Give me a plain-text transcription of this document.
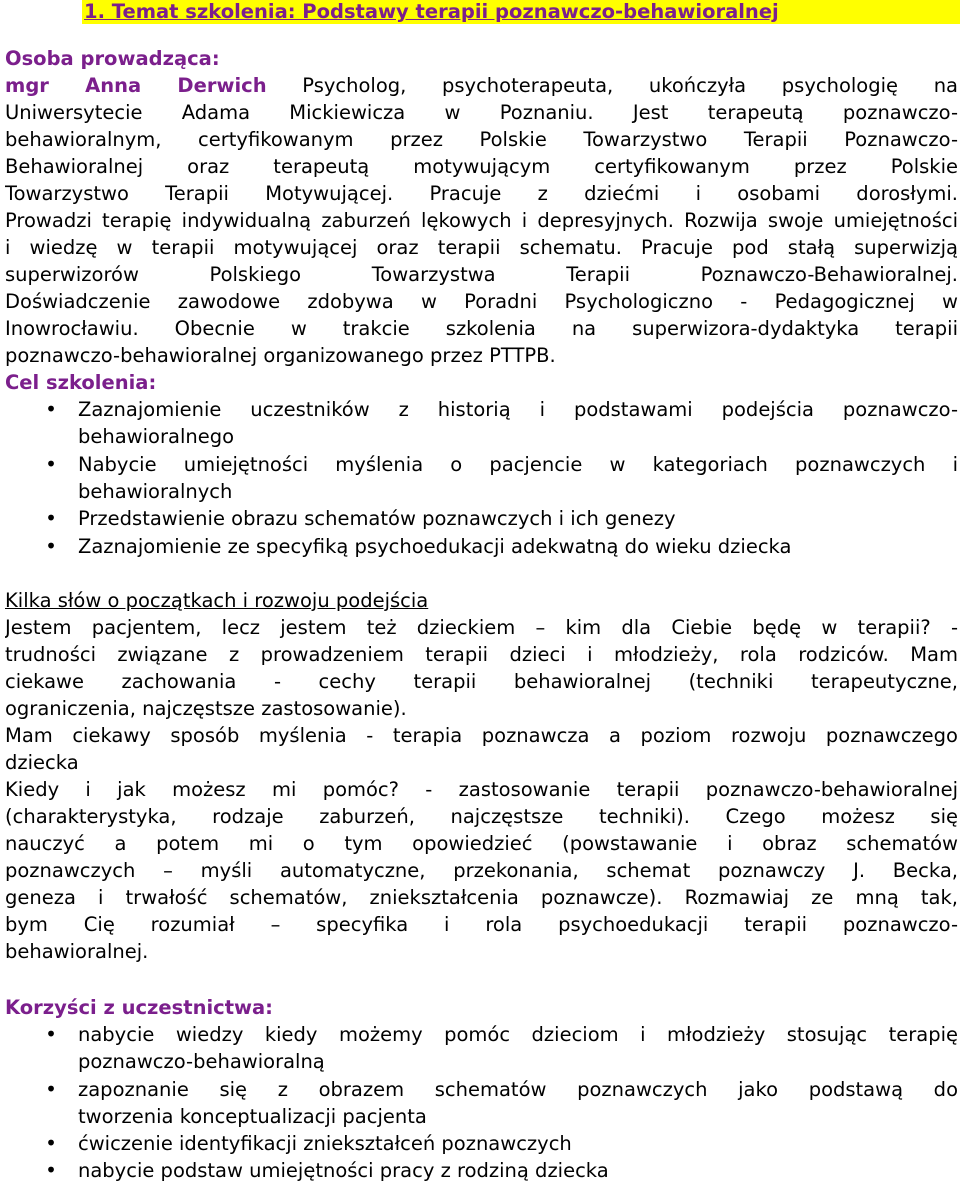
1. Temat szkolenia: Podstawy terapii poznawczo-behawioralnej
Osoba prowadząca:
mgr Anna Derwich Psycholog, psychoterapeuta, ukończyła psychologię na
Uniwersytecie Adama Mickiewicza w Poznaniu. Jest terapeutą poznawczo-
behawioralnym, certyfikowanym przez Polskie Towarzystwo Terapii Poznawczo-
Behawioralnej oraz terapeutą motywującym certyfikowanym przez Polskie
Towarzystwo Terapii Motywującej. Pracuje z dziećmi i osobami dorosłymi.
Prowadzi terapię indywidualną zaburzeń lękowych i depresyjnych. Rozwija swoje umiejętności
i wiedzę w terapii motywującej oraz terapii schematu. Pracuje pod stałą superwizją
superwizorów Polskiego Towarzystwa Terapii Poznawczo-Behawioralnej.
Doświadczenie zawodowe zdobywa w Poradni Psychologiczno - Pedagogicznej w
Inowrocławiu. Obecnie w trakcie szkolenia na superwizora-dydaktyka terapii
poznawczo-behawioralnej organizowanego przez PTTPB.
Cel szkolenia:
• Zaznajomienie uczestników z historią i podstawami podejścia poznawczo-
behawioralnego
• Nabycie umiejętności myślenia o pacjencie w kategoriach poznawczych i
behawioralnych
• Przedstawienie obrazu schematów poznawczych i ich genezy
• Zaznajomienie ze specyfiką psychoedukacji adekwatną do wieku dziecka
Kilka słów o początkach i rozwoju podejścia
Jestem pacjentem, lecz jestem też dzieckiem – kim dla Ciebie będę w terapii? -
trudności związane z prowadzeniem terapii dzieci i młodzieży, rola rodziców. Mam
ciekawe zachowania - cechy terapii behawioralnej (techniki terapeutyczne,
ograniczenia, najczęstsze zastosowanie).
Mam ciekawy sposób myślenia - terapia poznawcza a poziom rozwoju poznawczego
dziecka
Kiedy i jak możesz mi pomóc? - zastosowanie terapii poznawczo-behawioralnej
(charakterystyka, rodzaje zaburzeń, najczęstsze techniki). Czego możesz się
nauczyć a potem mi o tym opowiedzieć (powstawanie i obraz schematów
poznawczych – myśli automatyczne, przekonania, schemat poznawczy J. Becka,
geneza i trwałość schematów, zniekształcenia poznawcze). Rozmawiaj ze mną tak,
bym Cię rozumiał – specyfika i rola psychoedukacji terapii poznawczo-
behawioralnej.
Korzyści z uczestnictwa:
• nabycie wiedzy kiedy możemy pomóc dzieciom i młodzieży stosując terapię
poznawczo-behawioralną
• zapoznanie się z obrazem schematów poznawczych jako podstawą do
tworzenia konceptualizacji pacjenta
• ćwiczenie identyfikacji zniekształceń poznawczych
• nabycie podstaw umiejętności pracy z rodziną dziecka
